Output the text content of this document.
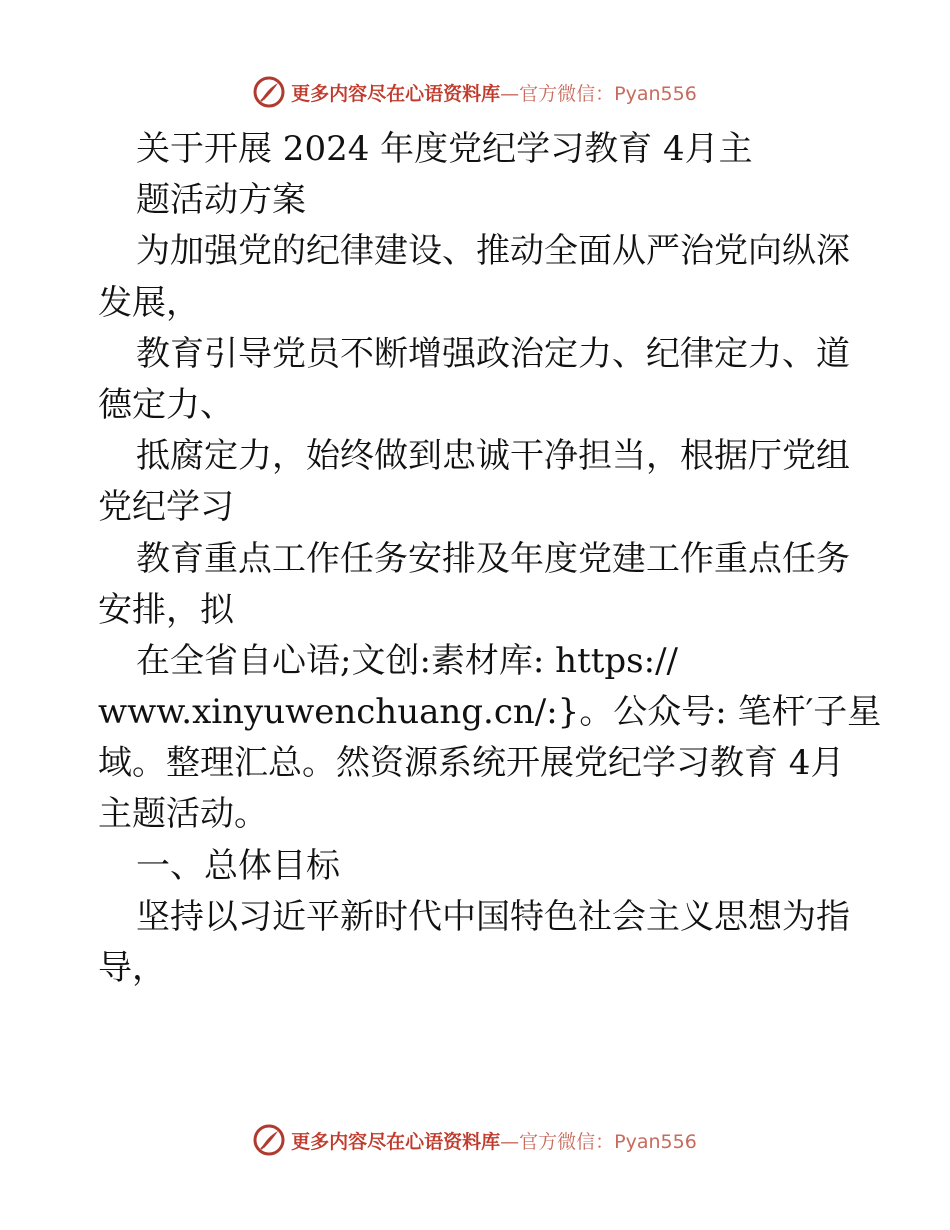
更多内容尽在心语资料库—官方微信：Pyan556
关于开展 2024 年度党纪学习教育 4月主
题活动方案
为加强党的纪律建设、推动全面从严治党向纵深
发展，
教育引导党员不断增强政治定力、纪律定力、道
德定力、
抵腐定力，始终做到忠诚干净担当，根据厅党组
党纪学习
教育重点工作任务安排及年度党建工作重点任务
安排，拟
在全省自心语;文创:素材库: https://
www.xinyuwenchuang.cn/:}。公众号: 笔杆′子星
域。整理汇总。然资源系统开展党纪学习教育 4月
主题活动。
一、总体目标
坚持以习近平新时代中国特色社会主义思想为指
导，
更多内容尽在心语资料库—官方微信：Pyan556
